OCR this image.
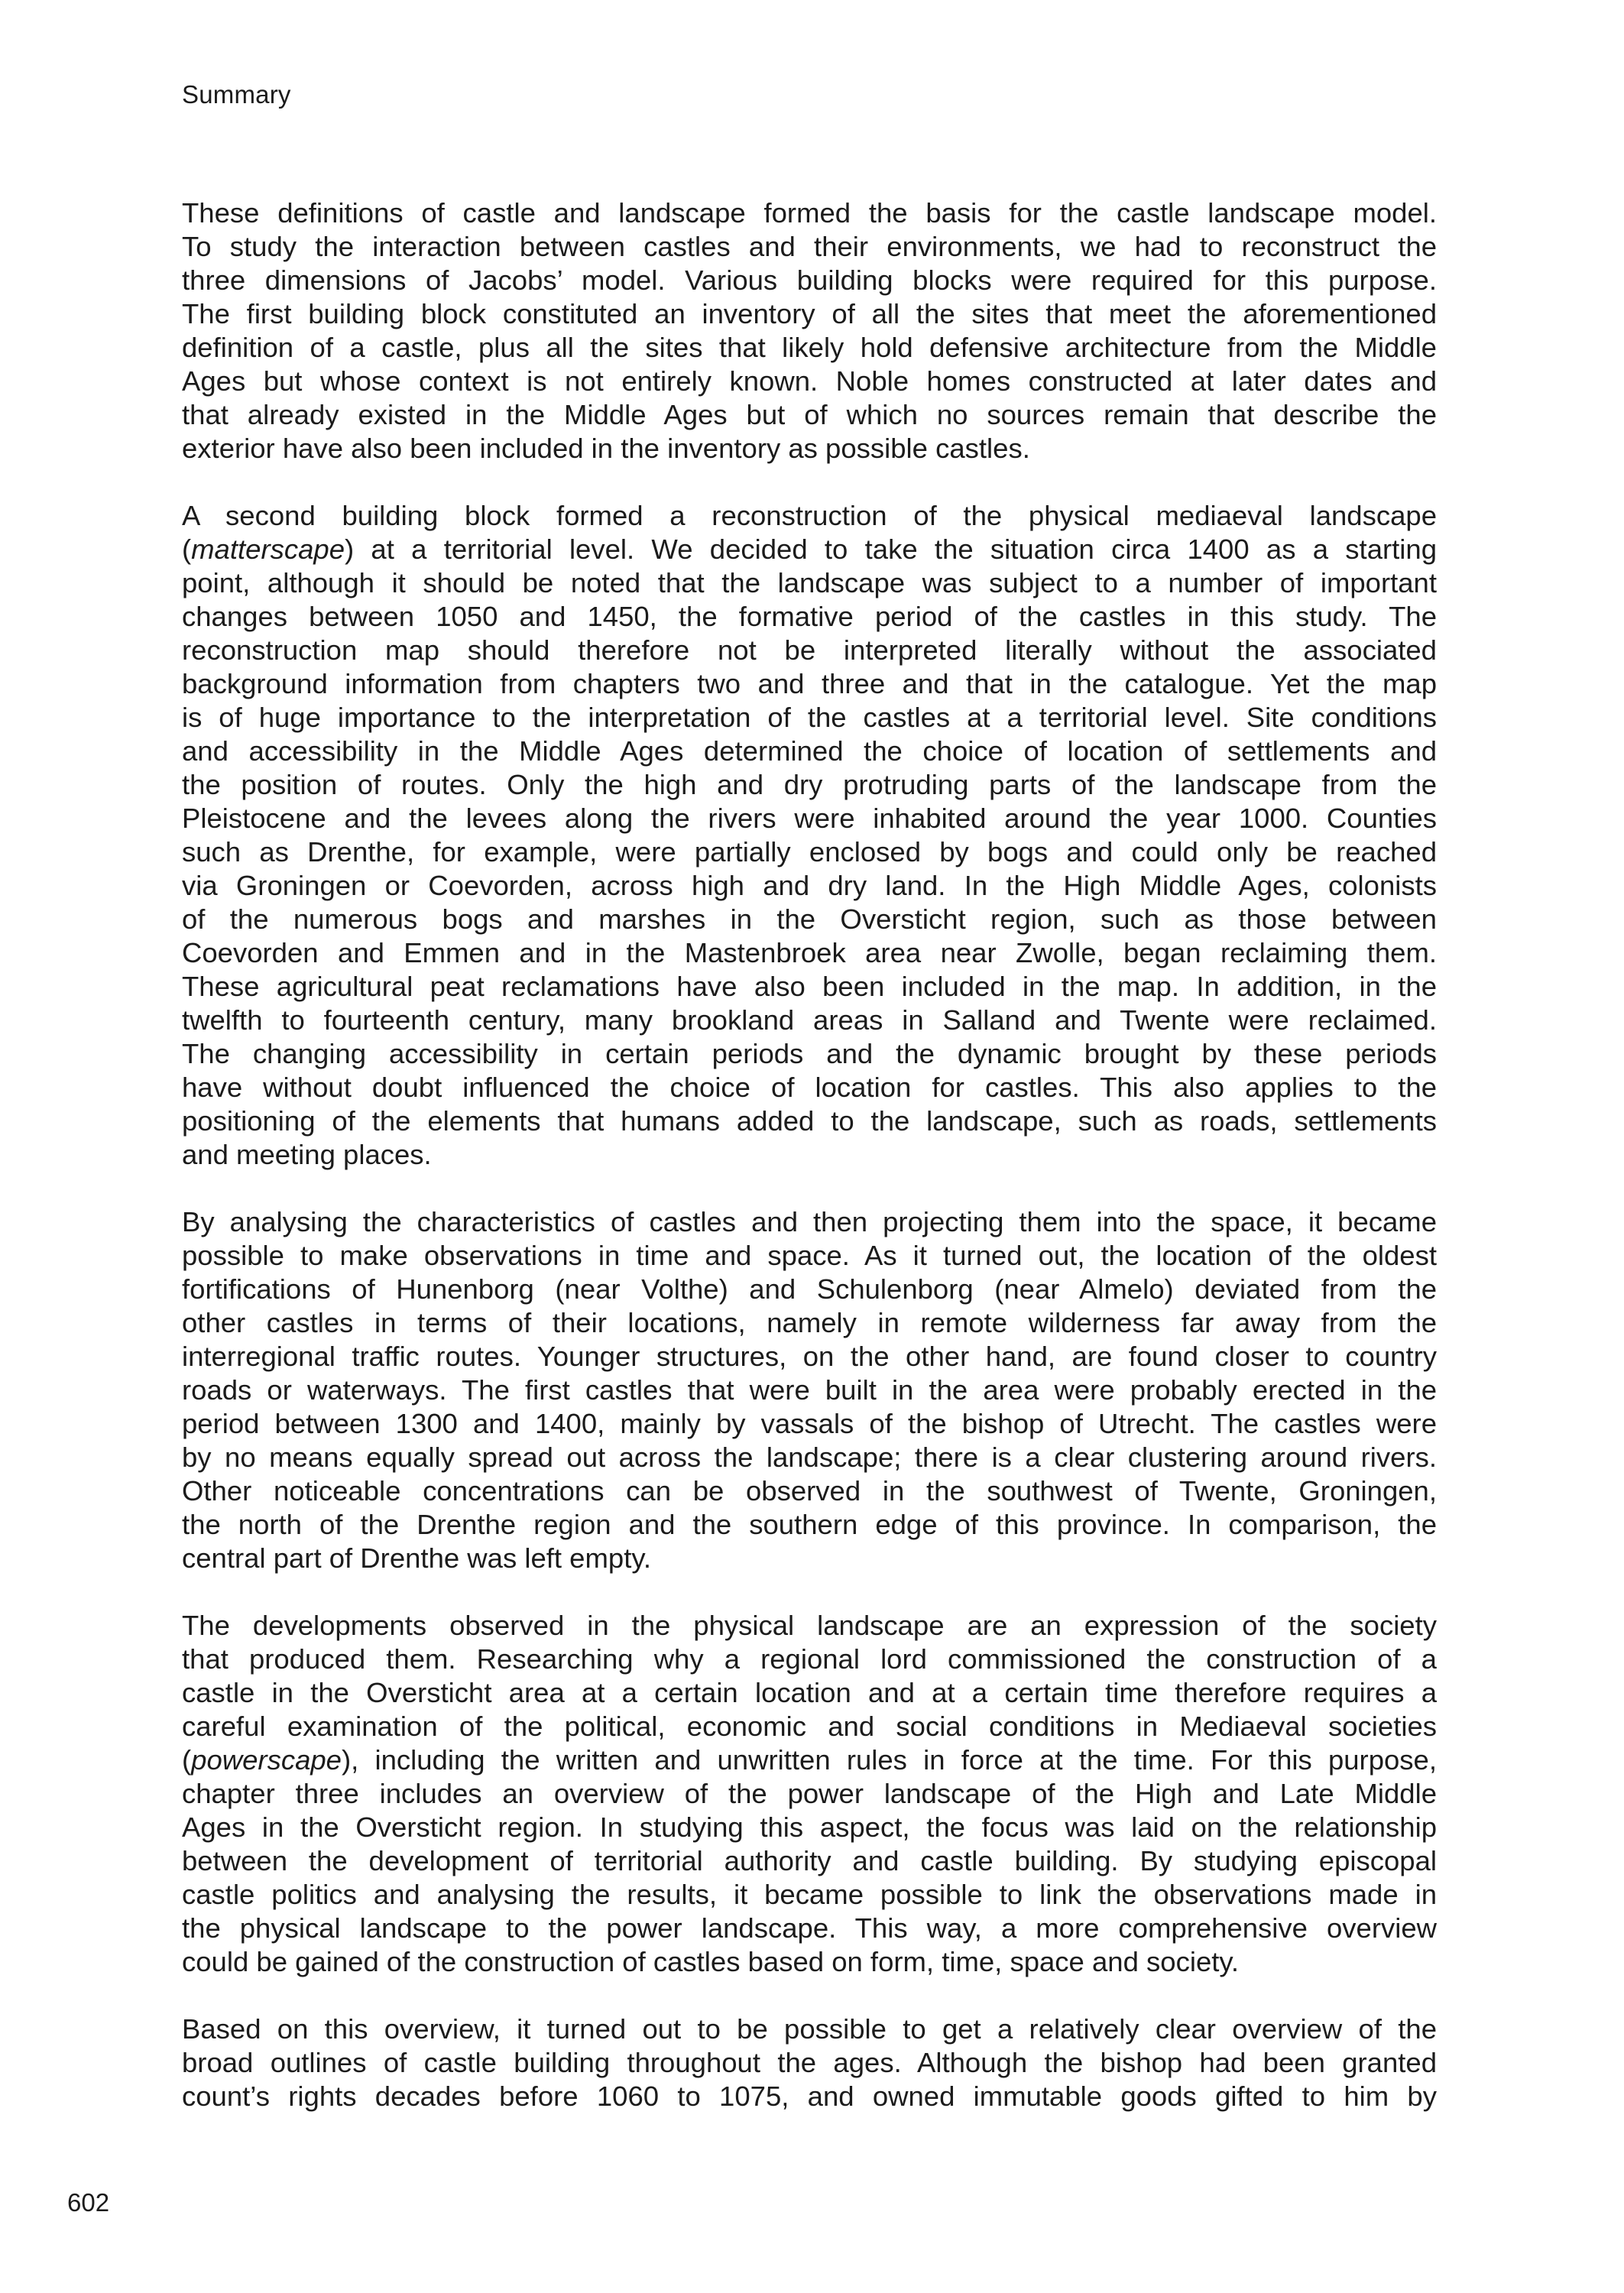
Summary
These definitions of castle and landscape formed the basis for the castle landscape model.
To study the interaction between castles and their environments, we had to reconstruct the
three dimensions of Jacobs’ model. Various building blocks were required for this purpose.
The first building block constituted an inventory of all the sites that meet the aforementioned
definition of a castle, plus all the sites that likely hold defensive architecture from the Middle
Ages but whose context is not entirely known. Noble homes constructed at later dates and
that already existed in the Middle Ages but of which no sources remain that describe the
exterior have also been included in the inventory as possible castles.
A second building block formed a reconstruction of the physical mediaeval landscape
(matterscape) at a territorial level. We decided to take the situation circa 1400 as a starting
point, although it should be noted that the landscape was subject to a number of important
changes between 1050 and 1450, the formative period of the castles in this study. The
reconstruction map should therefore not be interpreted literally without the associated
background information from chapters two and three and that in the catalogue. Yet the map
is of huge importance to the interpretation of the castles at a territorial level. Site conditions
and accessibility in the Middle Ages determined the choice of location of settlements and
the position of routes. Only the high and dry protruding parts of the landscape from the
Pleistocene and the levees along the rivers were inhabited around the year 1000. Counties
such as Drenthe, for example, were partially enclosed by bogs and could only be reached
via Groningen or Coevorden, across high and dry land. In the High Middle Ages, colonists
of the numerous bogs and marshes in the Oversticht region, such as those between
Coevorden and Emmen and in the Mastenbroek area near Zwolle, began reclaiming them.
These agricultural peat reclamations have also been included in the map. In addition, in the
twelfth to fourteenth century, many brookland areas in Salland and Twente were reclaimed.
The changing accessibility in certain periods and the dynamic brought by these periods
have without doubt influenced the choice of location for castles. This also applies to the
positioning of the elements that humans added to the landscape, such as roads, settlements
and meeting places.
By analysing the characteristics of castles and then projecting them into the space, it became
possible to make observations in time and space. As it turned out, the location of the oldest
fortifications of Hunenborg (near Volthe) and Schulenborg (near Almelo) deviated from the
other castles in terms of their locations, namely in remote wilderness far away from the
interregional traffic routes. Younger structures, on the other hand, are found closer to country
roads or waterways. The first castles that were built in the area were probably erected in the
period between 1300 and 1400, mainly by vassals of the bishop of Utrecht. The castles were
by no means equally spread out across the landscape; there is a clear clustering around rivers.
Other noticeable concentrations can be observed in the southwest of Twente, Groningen,
the north of the Drenthe region and the southern edge of this province. In comparison, the
central part of Drenthe was left empty.
The developments observed in the physical landscape are an expression of the society
that produced them. Researching why a regional lord commissioned the construction of a
castle in the Oversticht area at a certain location and at a certain time therefore requires a
careful examination of the political, economic and social conditions in Mediaeval societies
(powerscape), including the written and unwritten rules in force at the time. For this purpose,
chapter three includes an overview of the power landscape of the High and Late Middle
Ages in the Oversticht region. In studying this aspect, the focus was laid on the relationship
between the development of territorial authority and castle building. By studying episcopal
castle politics and analysing the results, it became possible to link the observations made in
the physical landscape to the power landscape. This way, a more comprehensive overview
could be gained of the construction of castles based on form, time, space and society.
Based on this overview, it turned out to be possible to get a relatively clear overview of the
broad outlines of castle building throughout the ages. Although the bishop had been granted
count’s rights decades before 1060 to 1075, and owned immutable goods gifted to him by
602
